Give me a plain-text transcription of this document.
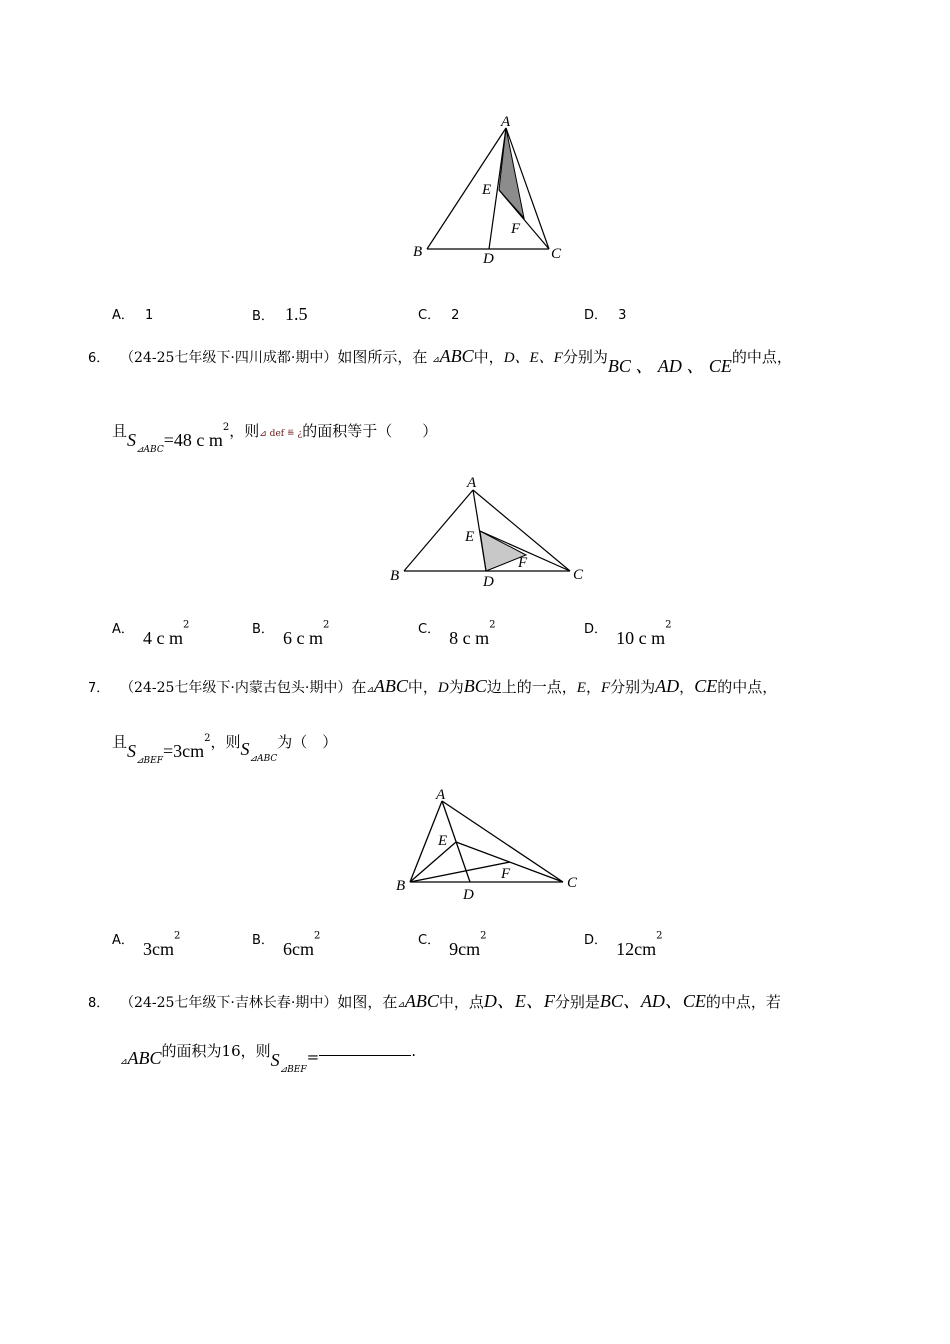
A
B	C
D
E
F
A． 1	B． 1.5	C． 2	D． 3
6． （24-25七年级下·四川成都·期中）如图所示，在 ⊿ABC中，D、E、F分别为BC 、 AD 、 CE的中点，
且$S_{⊿ABC}=48$ c $m^2$，则⊿ def ≝ ¿的面积等于（　　）
A
B	C
D
E
F
$^{A.}$ 4 c $m^2$	$^{B.}$ 6 c $m^2$	$^{C.}$ 8 c $m^2$	$^{D.}$ 10 c $m^2$
7． （24-25七年级下·内蒙古包头·期中）在⊿ABC中，D为BC边上的一点，E，F分别为AD，CE的中点，
且$S_{⊿BEF}=3cm^2$，则$S_{⊿ABC}$为（　）
A
B	C
D
E
F
$^{A.}$ $3cm^2$	$^{B.}$ $6cm^2$	$^{C.}$ $9cm^2$	$^{D.}$ $12cm^2$
8． （24-25七年级下·吉林长春·期中）如图，在⊿ABC中，点D、E、F分别是BC、AD、CE的中点，若
$_⊿$ABC的面积为16，则$S_{⊿BEF}=$	.
